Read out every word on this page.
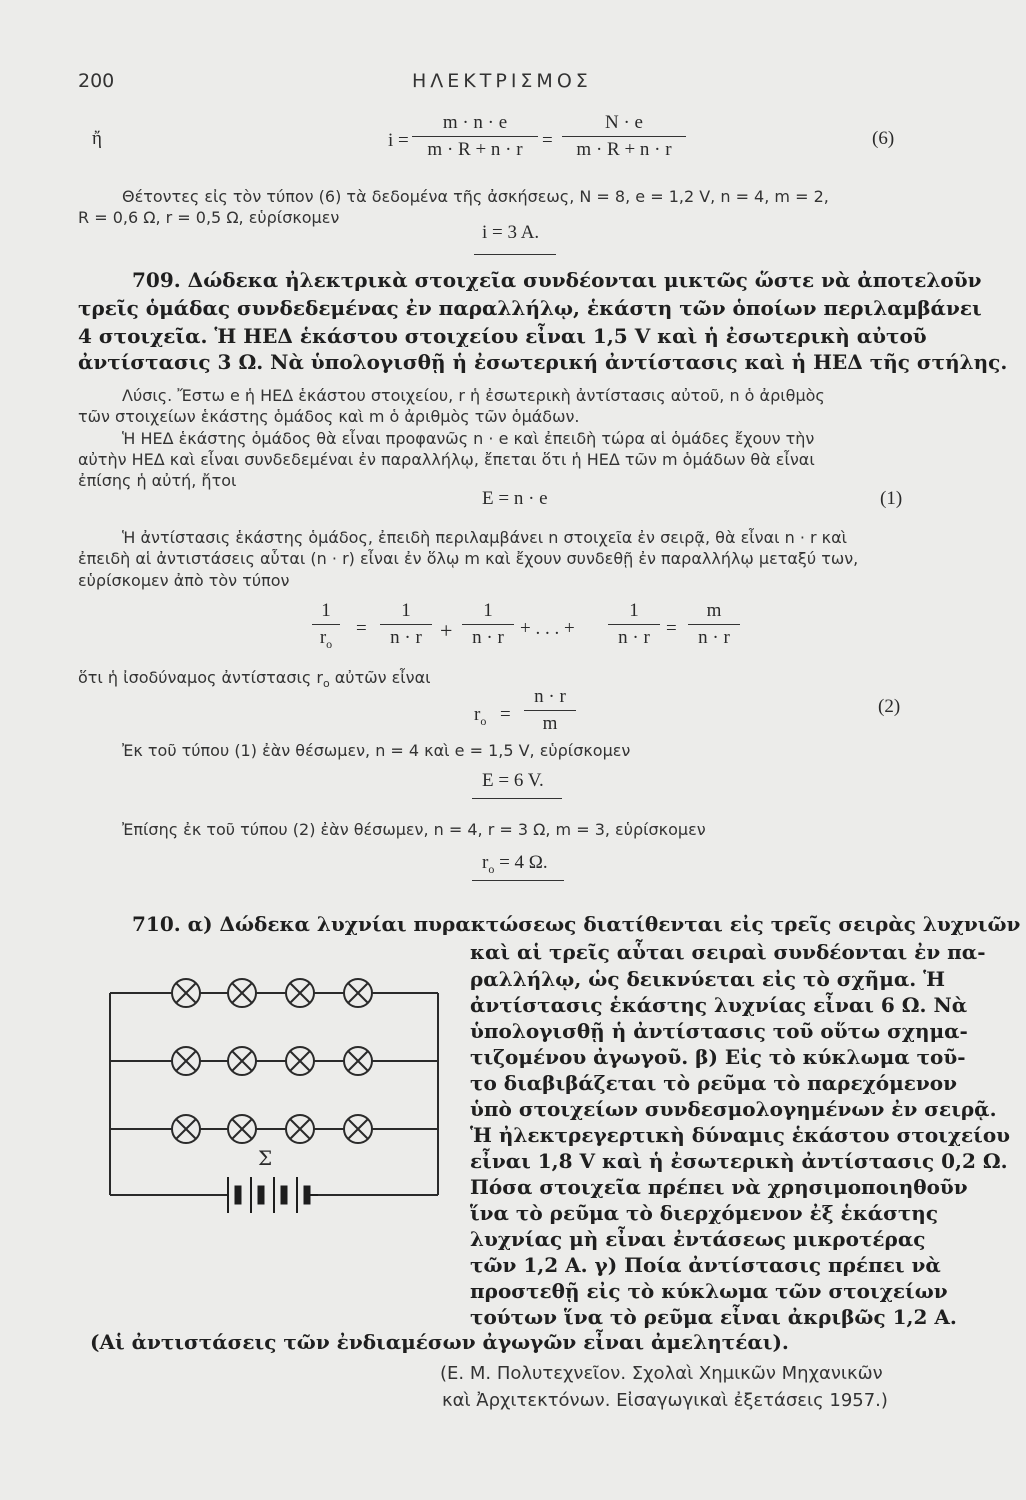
200	ΗΛΕΚΤΡΙΣΜΟΣ
ἤ	$i = \frac{m \cdot n \cdot e}{m \cdot R + n \cdot r} = \frac{N \cdot e}{m \cdot R + n \cdot r}$	(6)
Θέτοντες εἰς τὸν τύπον (6) τὰ δεδομένα τῆς ἀσκήσεως, N = 8, e = 1,2 V, n = 4, m = 2,
R = 0,6 Ω, r = 0,5 Ω, εὑρίσκομεν
i = 3 A.
709. Δώδεκα ἠλεκτρικὰ στοιχεῖα συνδέονται μικτῶς ὥστε νὰ ἀποτελοῦν
τρεῖς ὁμάδας συνδεδεμένας ἐν παραλλήλῳ, ἑκάστη τῶν ὁποίων περιλαμβάνει
4 στοιχεῖα. Ἡ ΗΕΔ ἑκάστου στοιχείου εἶναι 1,5 V καὶ ἡ ἐσωτερικὴ αὐτοῦ
ἀντίστασις 3 Ω. Νὰ ὑπολογισθῇ ἡ ἐσωτερική ἀντίστασις καὶ ἡ ΗΕΔ τῆς στήλης.
Λύσις. Ἔστω e ἡ ΗΕΔ ἑκάστου στοιχείου, r ἡ ἐσωτερικὴ ἀντίστασις αὐτοῦ, n ὁ ἀριθμὸς
τῶν στοιχείων ἑκάστης ὁμάδος καὶ m ὁ ἀριθμὸς τῶν ὁμάδων.
Ἡ ΗΕΔ ἑκάστης ὁμάδος θὰ εἶναι προφανῶς n · e καὶ ἐπειδὴ τώρα αἱ ὁμάδες ἔχουν τὴν
αὐτὴν ΗΕΔ καὶ εἶναι συνδεδεμέναι ἐν παραλλήλῳ, ἔπεται ὅτι ἡ ΗΕΔ τῶν m ὁμάδων θὰ εἶναι
ἐπίσης ἡ αὐτή, ἤτοι
E = n · e	(1)
Ἡ ἀντίστασις ἑκάστης ὁμάδος, ἐπειδὴ περιλαμβάνει n στοιχεῖα ἐν σειρᾷ, θὰ εἶναι n · r καὶ
ἐπειδὴ αἱ ἀντιστάσεις αὗται (n · r) εἶναι ἐν ὅλῳ m καὶ ἔχουν συνδεθῇ ἐν παραλλήλῳ μεταξύ των,
εὑρίσκομεν ἀπὸ τὸν τύπον
$\frac{1}{r_o} = \frac{1}{n \cdot r} + \frac{1}{n \cdot r}$ + . . . + $\frac{1}{n \cdot r} = \frac{m}{n \cdot r}$
ὅτι ἡ ἰσοδύναμος ἀντίστασις $r_o$ αὐτῶν εἶναι
$r_o = \frac{n \cdot r}{m}$	(2)
Ἐκ τοῦ τύπου (1) ἐὰν θέσωμεν, n = 4 καὶ e = 1,5 V, εὑρίσκομεν
E = 6 V.
Ἐπίσης ἐκ τοῦ τύπου (2) ἐὰν θέσωμεν, n = 4, r = 3 Ω, m = 3, εὑρίσκομεν
$r_o = 4$ Ω.
710. α) Δώδεκα λυχνίαι πυρακτώσεως διατίθενται εἰς τρεῖς σειρὰς λυχνιῶν
καὶ αἱ τρεῖς αὗται σειραὶ συνδέονται ἐν πα-
ραλλήλῳ, ὡς δεικνύεται εἰς τὸ σχῆμα. Ἡ
ἀντίστασις ἑκάστης λυχνίας εἶναι 6 Ω. Νὰ
ὑπολογισθῇ ἡ ἀντίστασις τοῦ οὕτω σχημα-
τιζομένου ἀγωγοῦ. β) Εἰς τὸ κύκλωμα τοῦ-
το διαβιβάζεται τὸ ρεῦμα τὸ παρεχόμενον
ὑπὸ στοιχείων συνδεσμολογημένων ἐν σειρᾷ.
Ἡ ἠλεκτρεγερτικὴ δύναμις ἑκάστου στοιχείου
εἶναι 1,8 V καὶ ἡ ἐσωτερικὴ ἀντίστασις 0,2 Ω.
Πόσα στοιχεῖα πρέπει νὰ χρησιμοποιηθοῦν
ἵνα τὸ ρεῦμα τὸ διερχόμενον ἐξ ἑκάστης
λυχνίας μὴ εἶναι ἐντάσεως μικροτέρας
τῶν 1,2 A. γ) Ποία ἀντίστασις πρέπει νὰ
προστεθῇ εἰς τὸ κύκλωμα τῶν στοιχείων
τούτων ἵνα τὸ ρεῦμα εἶναι ἀκριβῶς 1,2 A.
(Αἱ ἀντιστάσεις τῶν ἐνδιαμέσων ἀγωγῶν εἶναι ἀμελητέαι).
(Ε. Μ. Πολυτεχνεῖον. Σχολαὶ Χημικῶν Μηχανικῶν
καὶ Ἀρχιτεκτόνων. Εἰσαγωγικαὶ ἐξετάσεις 1957.)
Σ
